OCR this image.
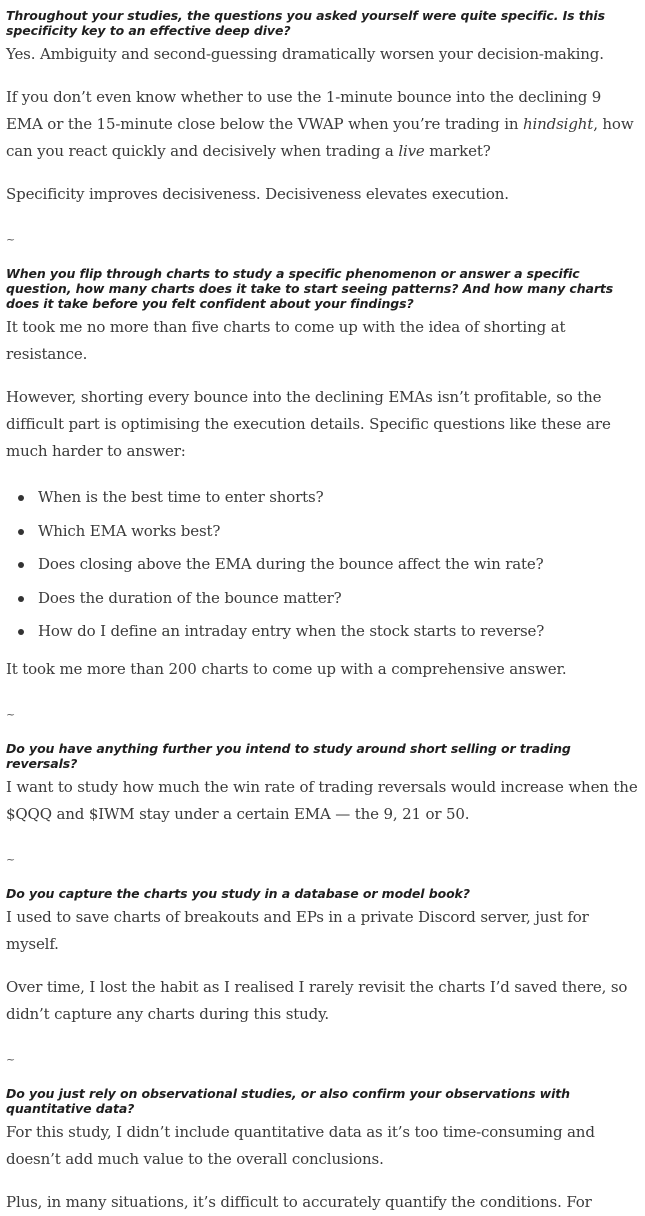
Throughout your studies, the questions you asked yourself were quite specific. Is this specificity key to an effective deep dive?

Yes. Ambiguity and second-guessing dramatically worsen your decision-making.

If you don’t even know whether to use the 1-minute bounce into the declining 9 EMA or the 15-minute close below the VWAP when you’re trading in hindsight, how can you react quickly and decisively when trading a live market?

Specificity improves decisiveness. Decisiveness elevates execution.

~

When you flip through charts to study a specific phenomenon or answer a specific question, how many charts does it take to start seeing patterns? And how many charts does it take before you felt confident about your findings?

It took me no more than five charts to come up with the idea of shorting at resistance.

However, shorting every bounce into the declining EMAs isn’t profitable, so the difficult part is optimising the execution details. Specific questions like these are much harder to answer:

When is the best time to enter shorts?
Which EMA works best?
Does closing above the EMA during the bounce affect the win rate?
Does the duration of the bounce matter?
How do I define an intraday entry when the stock starts to reverse?

It took me more than 200 charts to come up with a comprehensive answer.

~

Do you have anything further you intend to study around short selling or trading reversals?

I want to study how much the win rate of trading reversals would increase when the $QQQ and $IWM stay under a certain EMA — the 9, 21 or 50.

~

Do you capture the charts you study in a database or model book?

I used to save charts of breakouts and EPs in a private Discord server, just for myself.

Over time, I lost the habit as I realised I rarely revisit the charts I’d saved there, so didn’t capture any charts during this study.

~

Do you just rely on observational studies, or also confirm your observations with quantitative data?

For this study, I didn’t include quantitative data as it’s too time-consuming and doesn’t add much value to the overall conclusions.

Plus, in many situations, it’s difficult to accurately quantify the conditions. For
